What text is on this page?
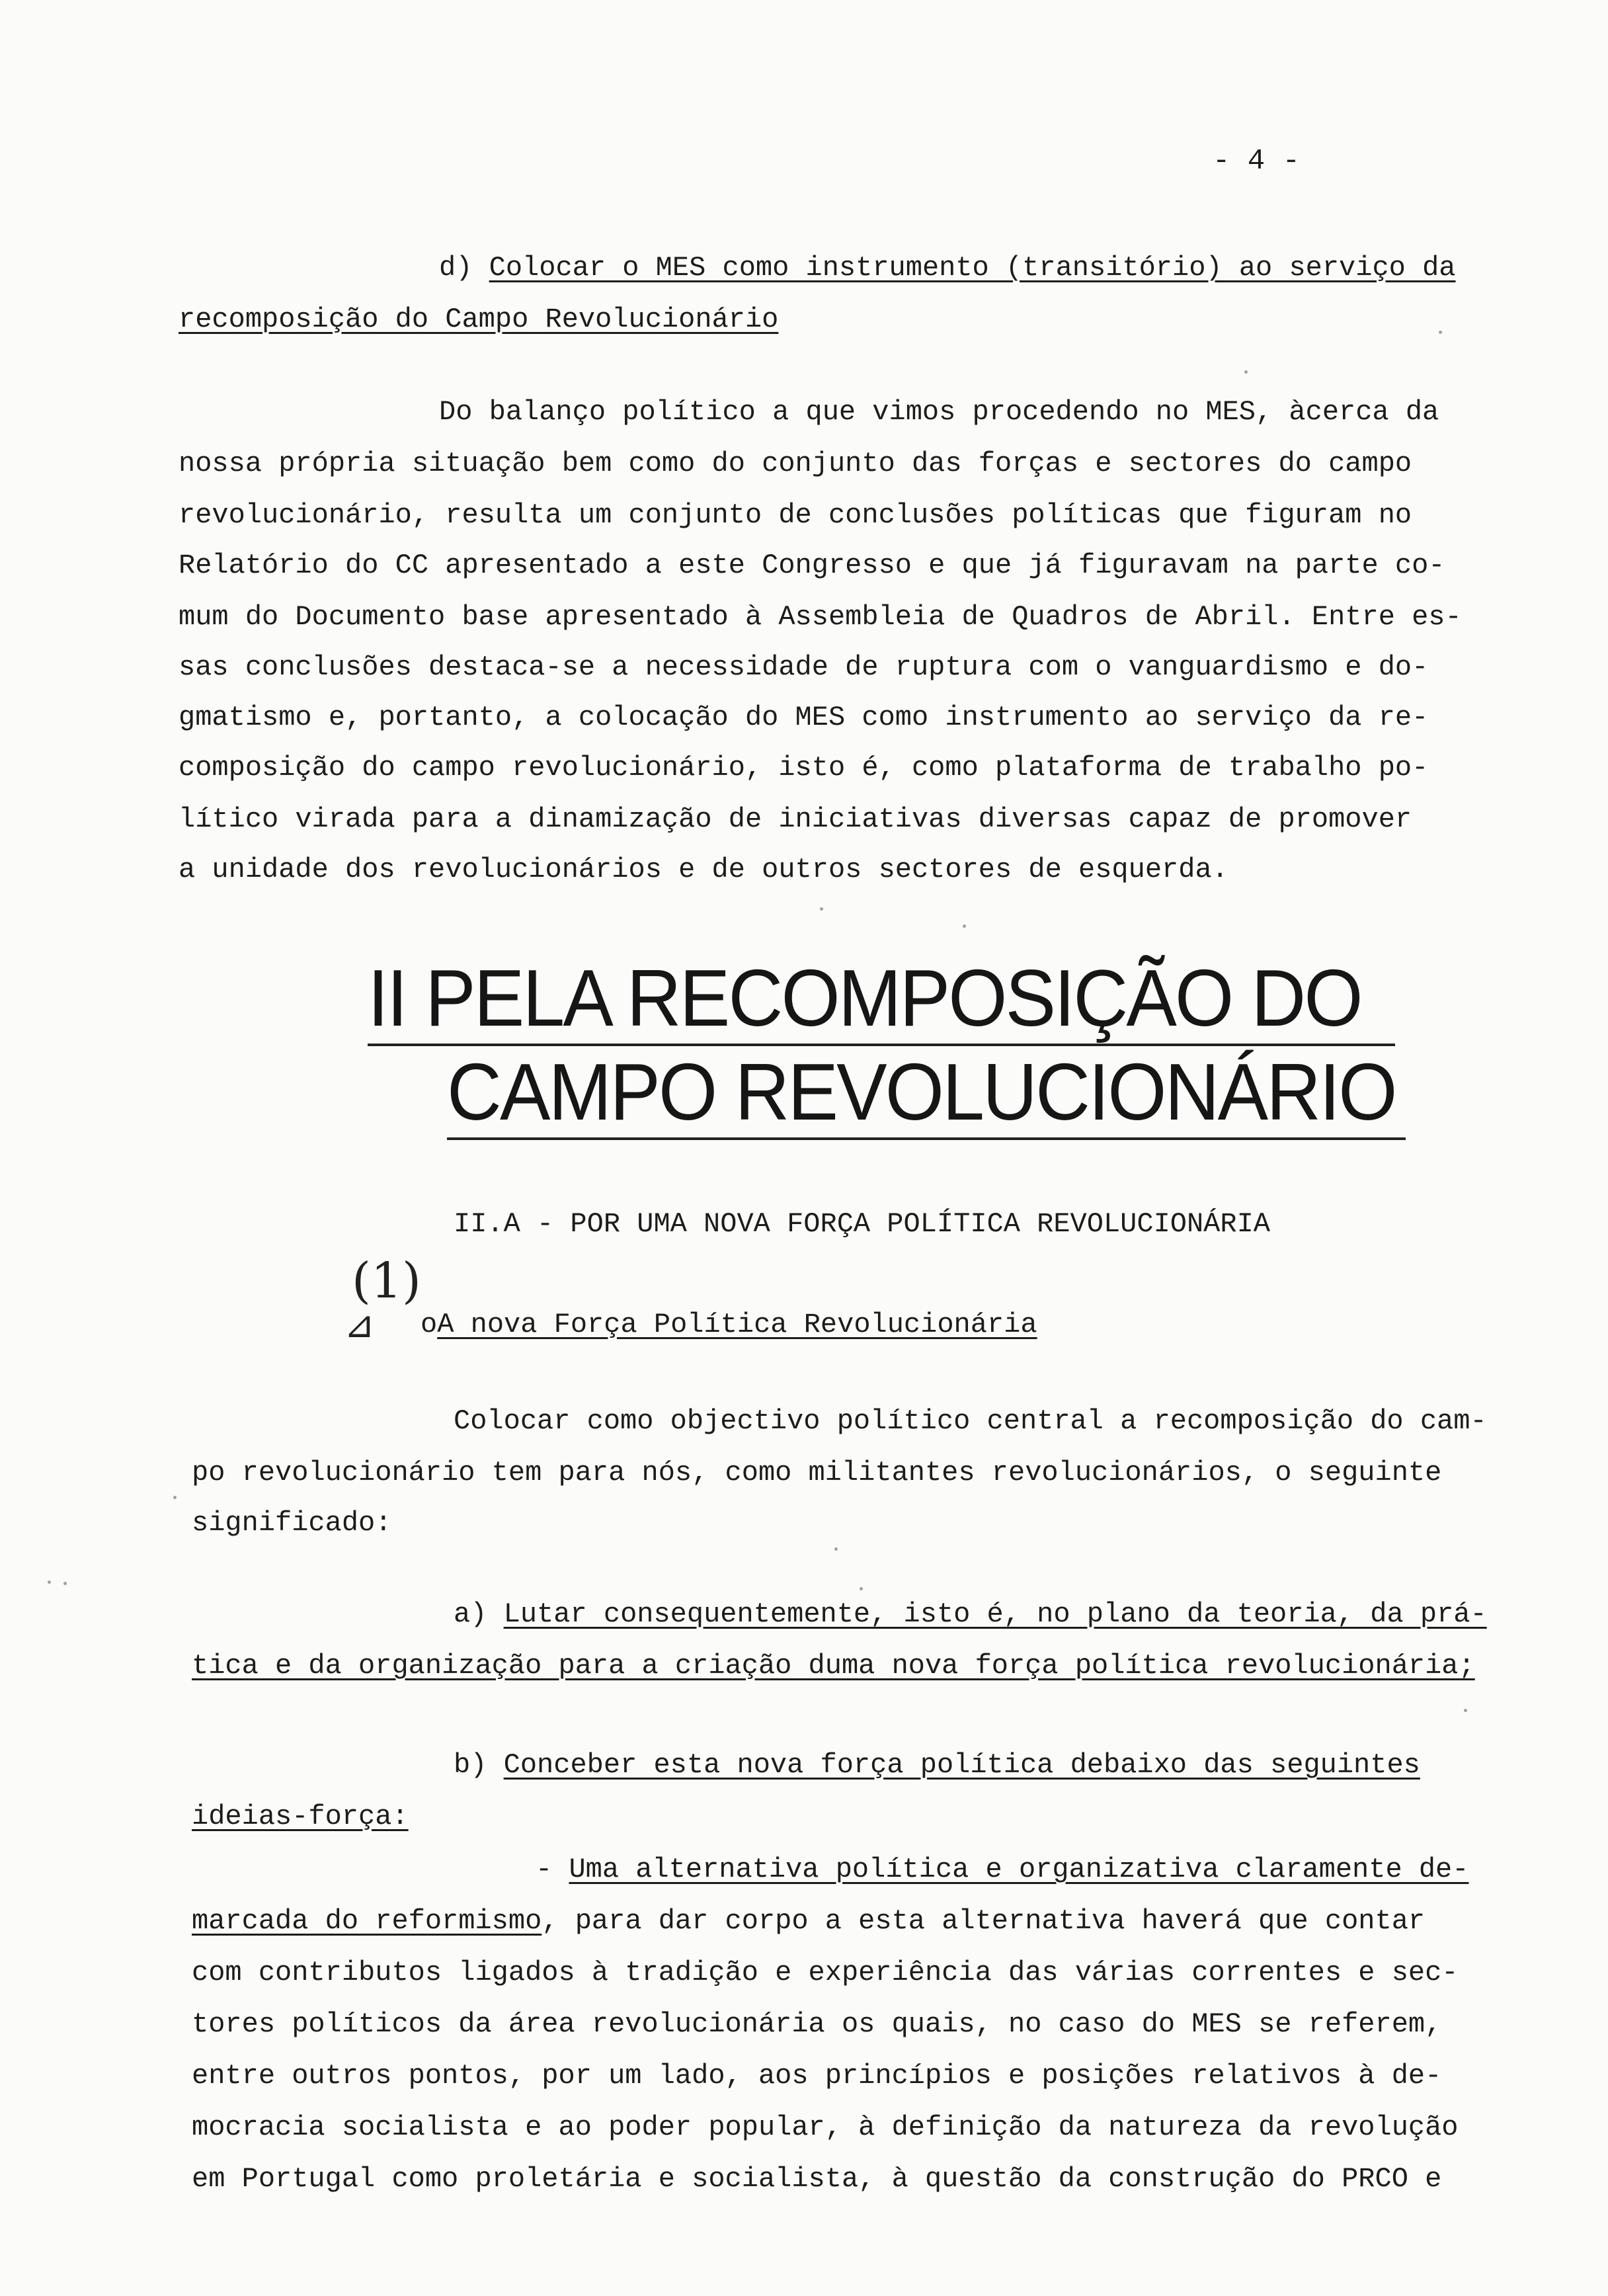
- 4 -
d) Colocar o MES como instrumento (transitório) ao serviço da
recomposição do Campo Revolucionário
Do balanço político a que vimos procedendo no MES, àcerca da
nossa própria situação bem como do conjunto das forças e sectores do campo
revolucionário, resulta um conjunto de conclusões políticas que figuram no
Relatório do CC apresentado a este Congresso e que já figuravam na parte co-
mum do Documento base apresentado à Assembleia de Quadros de Abril. Entre es-
sas conclusões destaca-se a necessidade de ruptura com o vanguardismo e do-
gmatismo e, portanto, a colocação do MES como instrumento ao serviço da re-
composição do campo revolucionário, isto é, como plataforma de trabalho po-
lítico virada para a dinamização de iniciativas diversas capaz de promover
a unidade dos revolucionários e de outros sectores de esquerda.
II PELA RECOMPOSIÇÃO DO
CAMPO REVOLUCIONÁRIO
II.A - POR UMA NOVA FORÇA POLÍTICA REVOLUCIONÁRIA
(1)
⊿ oA nova Força Política Revolucionária
Colocar como objectivo político central a recomposição do cam-
po revolucionário tem para nós, como militantes revolucionários, o seguinte
significado:
a) Lutar consequentemente, isto é, no plano da teoria, da prá-
tica e da organização para a criação duma nova força política revolucionária;
b) Conceber esta nova força política debaixo das seguintes
ideias-força:
- Uma alternativa política e organizativa claramente de-
marcada do reformismo, para dar corpo a esta alternativa haverá que contar
com contributos ligados à tradição e experiência das várias correntes e sec-
tores políticos da área revolucionária os quais, no caso do MES se referem,
entre outros pontos, por um lado, aos princípios e posições relativos à de-
mocracia socialista e ao poder popular, à definição da natureza da revolução
em Portugal como proletária e socialista, à questão da construção do PRCO e
